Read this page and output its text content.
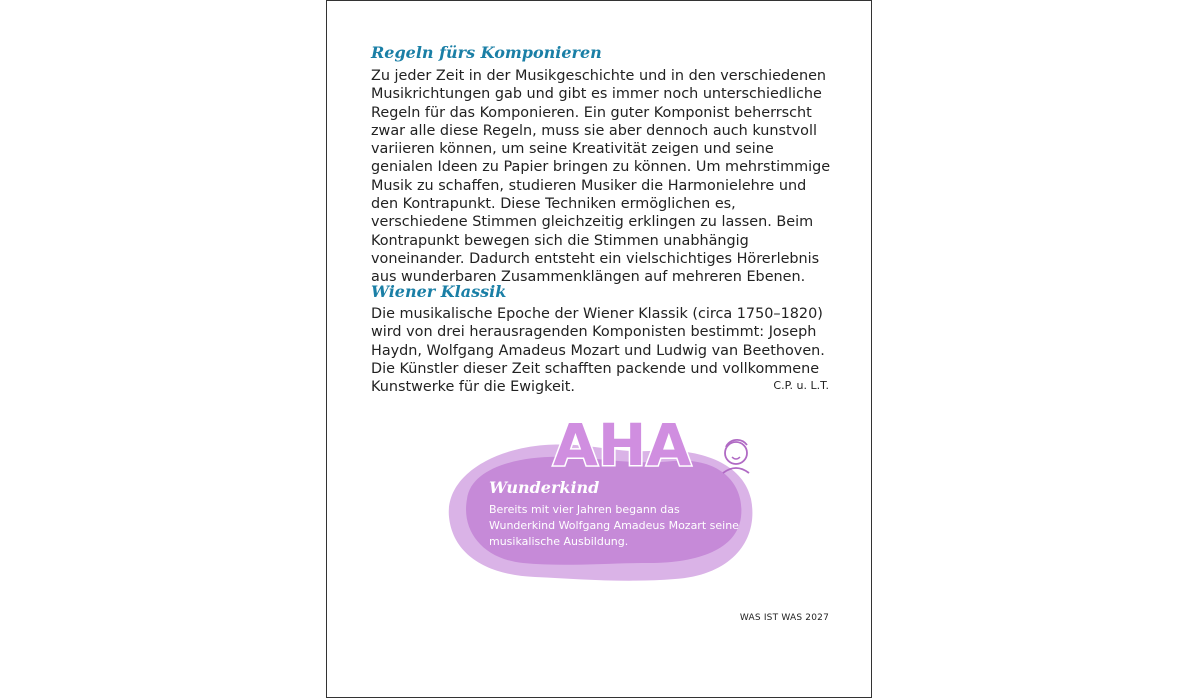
Regeln fürs Komponieren

Zu jeder Zeit in der Musikgeschichte und in den verschiedenen Musikrichtungen gab und gibt es immer noch unterschiedliche Regeln für das Komponieren. Ein guter Komponist beherrscht zwar alle diese Regeln, muss sie aber dennoch auch kunstvoll variieren können, um seine Kreativität zeigen und seine genialen Ideen zu Papier bringen zu können. Um mehrstimmige Musik zu schaffen, studieren Musiker die Harmonielehre und den Kontrapunkt. Diese Techniken ermöglichen es, verschiedene Stimmen gleichzeitig erklingen zu lassen. Beim Kontrapunkt bewegen sich die Stimmen unabhängig voneinander. Dadurch entsteht ein vielschichtiges Hörerlebnis aus wunderbaren Zusammenklängen auf mehreren Ebenen.

Wiener Klassik

Die musikalische Epoche der Wiener Klassik (circa 1750–1820) wird von drei herausragenden Komponisten bestimmt: Joseph Haydn, Wolfgang Amadeus Mozart und Ludwig van Beethoven. Die Künstler dieser Zeit schafften packende und vollkommene Kunstwerke für die Ewigkeit.	C.P. u. L.T.
AHA
Wunderkind

Bereits mit vier Jahren begann das Wunderkind Wolfgang Amadeus Mozart seine musikalische Ausbildung.

WAS IST WAS 2027
